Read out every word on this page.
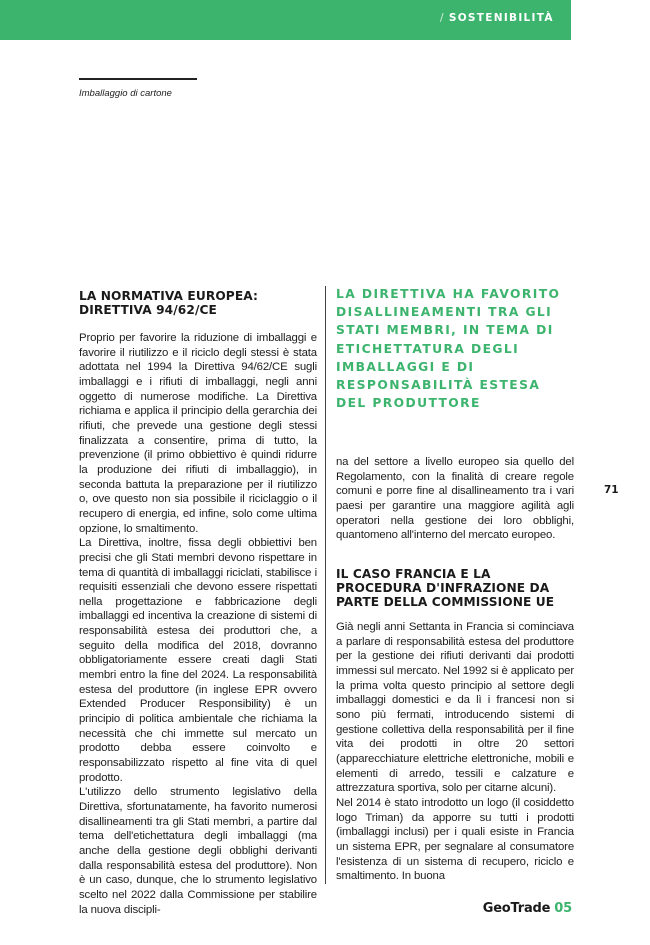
/ SOSTENIBILITÀ
Imballaggio di cartone
LA NORMATIVA EUROPEA: DIRETTIVA 94/62/CE

Proprio per favorire la riduzione di imballaggi e favorire il riutilizzo e il riciclo degli stessi è stata adottata nel 1994 la Direttiva 94/62/CE sugli imballaggi e i rifiuti di imballaggi, negli anni oggetto di numerose modifiche. La Direttiva richiama e applica il principio della gerarchia dei rifiuti, che prevede una gestione degli stessi finalizzata a consentire, prima di tutto, la prevenzione (il primo obbiettivo è quindi ridurre la produzione dei rifiuti di imballaggio), in seconda battuta la preparazione per il riutilizzo o, ove questo non sia possibile il riciclaggio o il recupero di energia, ed infine, solo come ultima opzione, lo smaltimento.

La Direttiva, inoltre, fissa degli obbiettivi ben precisi che gli Stati membri devono rispettare in tema di quantità di imballaggi riciclati, stabilisce i requisiti essenziali che devono essere rispettati nella progettazione e fabbricazione degli imballaggi ed incentiva la creazione di sistemi di responsabilità estesa dei produttori che, a seguito della modifica del 2018, dovranno obbligatoriamente essere creati dagli Stati membri entro la fine del 2024. La responsabilità estesa del produttore (in inglese EPR ovvero Extended Producer Responsibility) è un principio di politica ambientale che richiama la necessità che chi immette sul mercato un prodotto debba essere coinvolto e responsabilizzato rispetto al fine vita di quel prodotto.

L'utilizzo dello strumento legislativo della Direttiva, sfortunatamente, ha favorito numerosi disallineamenti tra gli Stati membri, a partire dal tema dell'etichettatura degli imballaggi (ma anche della gestione degli obblighi derivanti dalla responsabilità estesa del produttore). Non è un caso, dunque, che lo strumento legislativo scelto nel 2022 dalla Commissione per stabilire la nuova discipli-

LA DIRETTIVA HA FAVORITO DISALLINEAMENTI TRA GLI STATI MEMBRI, IN TEMA DI ETICHETTATURA DEGLI IMBALLAGGI E DI RESPONSABILITÀ ESTESA DEL PRODUTTORE

na del settore a livello europeo sia quello del Regolamento, con la finalità di creare regole comuni e porre fine al disallineamento tra i vari paesi per garantire una maggiore agilità agli operatori nella gestione dei loro obblighi, quantomeno all'interno del mercato europeo.

IL CASO FRANCIA E LA PROCEDURA D'INFRAZIONE DA PARTE DELLA COMMISSIONE UE

Già negli anni Settanta in Francia si cominciava a parlare di responsabilità estesa del produttore per la gestione dei rifiuti derivanti dai prodotti immessi sul mercato. Nel 1992 si è applicato per la prima volta questo principio al settore degli imballaggi domestici e da lì i francesi non si sono più fermati, introducendo sistemi di gestione collettiva della responsabilità per il fine vita dei prodotti in oltre 20 settori (apparecchiature elettriche elettroniche, mobili e elementi di arredo, tessili e calzature e attrezzatura sportiva, solo per citarne alcuni).

Nel 2014 è stato introdotto un logo (il cosiddetto logo Triman) da apporre su tutti i prodotti (imballaggi inclusi) per i quali esiste in Francia un sistema EPR, per segnalare al consumatore l'esistenza di un sistema di recupero, riciclo e smaltimento. In buona

71
GeoTrade 05
